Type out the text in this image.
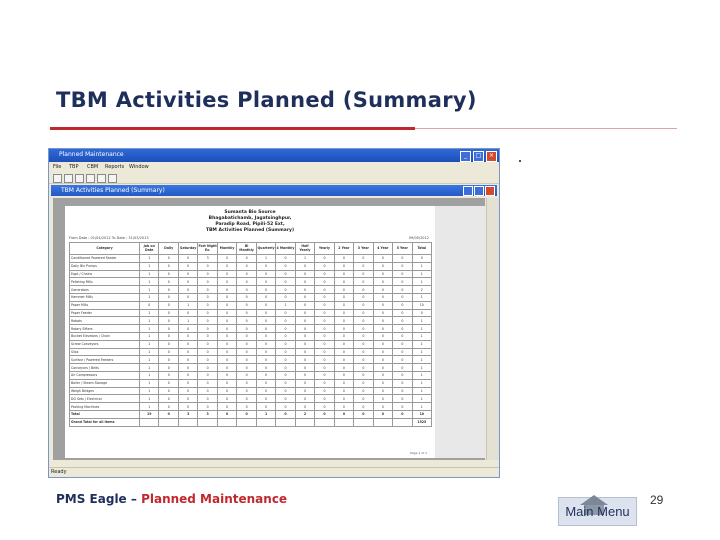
TBM Activities Planned (Summary)
Planned Maintenance	_	□	×
File TBP CBM Reports Window
TBM Activities Planned (Summary)
Sumanta Bio Source
Bhagabatichamb, Jagatsinghpur,
Paradip Road, Pipili-52 Ext,
TBM Activities Planned (Summary)
From Date : 01/04/2012 To Date : 31/03/2013	09/05/2012
Category	Job on Date	Daily	Saturday	Fort Night Ex.	Monthly	Bi Monthly	Quarterly	4 Monthly	Half Yearly	Yearly	2 Year	3 Year	4 Year	5 Year	Total
Conditioned Powered Feeder	1	0	0	3	0	0	1	0	1	0	0	0	0	0	0
Daily Bin Pumps	1	0	0	0	0	0	0	0	0	0	0	0	0	0	1
Eqpt / Chains	1	0	0	0	0	0	0	0	0	0	0	0	0	0	1
Pelleting Mills	1	0	0	0	0	0	0	0	0	0	0	0	0	0	1
Generators	1	0	0	0	0	0	0	0	0	0	0	0	0	0	2
Hammer Mills	1	0	0	0	0	0	0	0	0	0	0	0	0	0	1
Paper Mills	0	0	1	0	0	0	0	1	0	0	0	0	0	0	10
Paper Feeder	1	0	0	0	0	0	0	0	0	0	0	0	0	0	0
Robots	1	0	1	0	0	0	0	0	0	0	0	0	0	0	1
Rotary Sifters	1	0	0	0	0	0	0	0	0	0	0	0	0	0	1
Bucket Elevators / Chain	1	0	0	0	0	0	0	0	0	0	0	0	0	0	1
Screw Conveyors	1	0	0	0	0	0	0	0	0	0	0	0	0	0	1
Silos	1	0	0	0	0	0	0	0	0	0	0	0	0	0	1
Surface / Powered Feeders	1	0	0	0	0	0	0	0	0	0	0	0	0	0	1
Conveyors / Belts	1	0	0	0	0	0	0	0	0	0	0	0	0	0	1
Air Compressors	1	0	0	0	0	0	0	0	0	0	0	0	0	0	1
Boiler / Steam Storage	1	0	0	0	0	0	0	0	0	0	0	0	0	0	1
Weigh Bridges	1	0	0	0	0	0	0	0	0	0	0	0	0	0	1
DG Sets / Electrical	1	0	0	0	0	0	0	0	0	0	0	0	0	0	1
Packing Machines	1	0	0	0	0	0	0	0	0	0	0	0	0	0	1
Total	19	0	3	3	0	0	1	0	2	0	0	0	0	0	10
Grand Total for all items															1525
Page 1 of 1
Ready
PMS Eagle – Planned Maintenance
Main Menu
29
